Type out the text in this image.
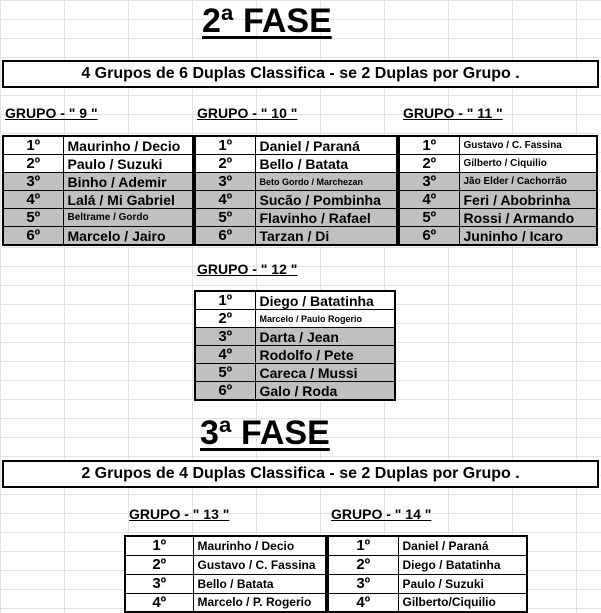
2ª FASE
4 Grupos de 6 Duplas Classifica - se 2 Duplas por Grupo .
GRUPO - " 9 "
1º	Maurinho / Decio
2º	Paulo / Suzuki
3º	Binho / Ademir
4º	Lalá / Mi Gabriel
5º	Beltrame / Gordo
6º	Marcelo / Jairo
GRUPO - " 10 "
1º	Daniel / Paraná
2º	Bello / Batata
3º	Beto Gordo / Marchezan
4º	Sucão / Pombinha
5º	Flavinho / Rafael
6º	Tarzan / Di
GRUPO - " 11 "
1º	Gustavo / C. Fassina
2º	Gilberto / Ciquilio
3º	Jão Elder / Cachorrão
4º	Feri / Abobrinha
5º	Rossi / Armando
6º	Juninho / Icaro
GRUPO - " 12 "
1º	Diego / Batatinha
2º	Marcelo / Paulo Rogerio
3º	Darta / Jean
4º	Rodolfo / Pete
5º	Careca / Mussi
6º	Galo / Roda
3ª FASE
2 Grupos de 4 Duplas Classifica - se 2 Duplas por Grupo .
GRUPO - " 13 "
1º	Maurinho / Decio
2º	Gustavo / C. Fassina
3º	Bello / Batata
4º	Marcelo / P. Rogerio
GRUPO - " 14 "
1º	Daniel / Paraná
2º	Diego / Batatinha
3º	Paulo / Suzuki
4º	Gilberto/Ciquilio
